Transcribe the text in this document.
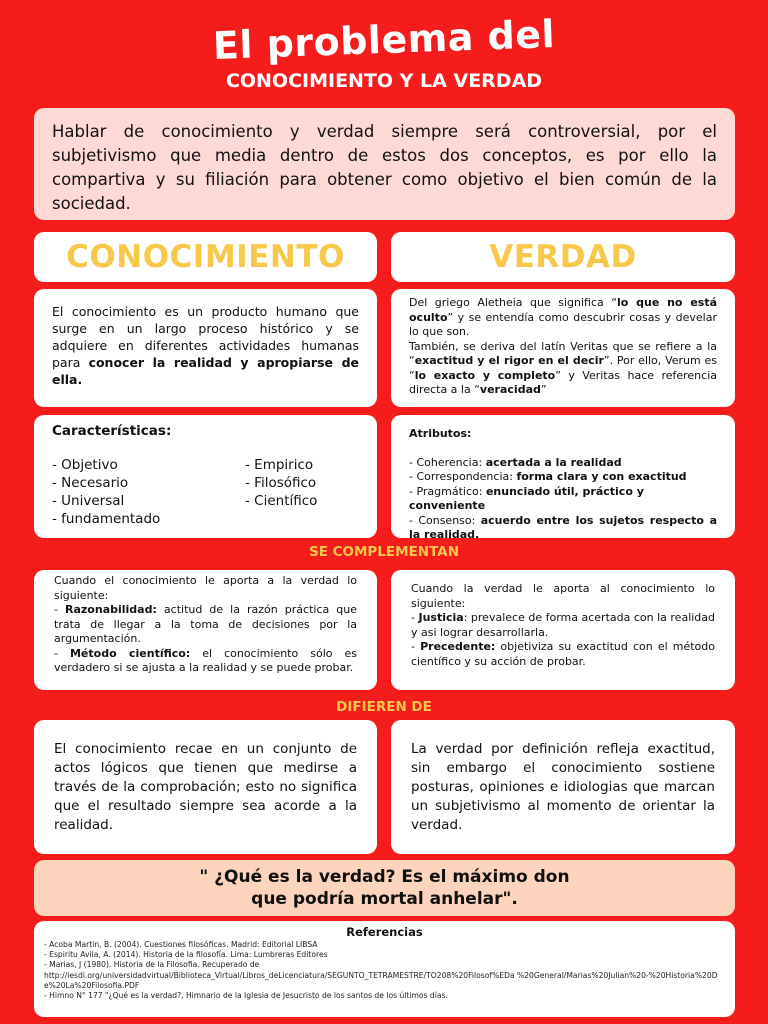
El problema del
CONOCIMIENTO Y LA VERDAD

Hablar de conocimiento y verdad siempre será controversial, por el subjetivismo que media dentro de estos dos conceptos, es por ello la compartiva y su filiación para obtener como objetivo el bien común de la sociedad.

CONOCIMIENTO	VERDAD

El conocimiento es un producto humano que surge en un largo proceso histórico y se adquiere en diferentes actividades humanas para conocer la realidad y apropiarse de ella.

Del griego Aletheia que significa “lo que no está oculto” y se entendía como descubrir cosas y develar lo que son.

También, se deriva del latín Veritas que se refiere a la “exactitud y el rigor en el decir”. Por ello, Verum es “lo exacto y completo” y Veritas hace referencia directa a la “veracidad”

Características:
- Objetivo
- Necesario
- Universal
- fundamentado
- Empirico
- Filosófico
- Científico
Atributos:
- Coherencia: acertada a la realidad
- Correspondencia: forma clara y con exactitud
- Pragmático: enunciado útil, práctico y conveniente
- Consenso: acuerdo entre los sujetos respecto a la realidad.
SE COMPLEMENTAN

Cuando el conocimiento le aporta a la verdad lo siguiente:

- Razonabilidad: actitud de la razón práctica que trata de llegar a la toma de decisiones por la argumentación.

- Método científico: el conocimiento sólo es verdadero si se ajusta a la realidad y se puede probar.

Cuando la verdad le aporta al conocimiento lo siguiente:

- Justicia: prevalece de forma acertada con la realidad y asi lograr desarrollarla.

- Precedente: objetiviza su exactitud con el método científico y su acción de probar.

DIFIEREN DE

El conocimiento recae en un conjunto de actos lógicos que tienen que medirse a través de la comprobación; esto no significa que el resultado siempre sea acorde a la realidad.

La verdad por definición refleja exactitud, sin embargo el conocimiento sostiene posturas, opiniones e idiologias que marcan un subjetivismo al momento de orientar la verdad.

" ¿Qué es la verdad? Es el máximo don
que podría mortal anhelar".
Referencias
- Acoba Martin, B. (2004). Cuestiones filosóficas. Madrid: Editorial LIBSA
- Espiritu Avila, A. (2014). Historia de la filosofía. Lima: Lumbreras Editores
- Marias, J (1980). Historia de la Filosofia. Recuperado de
http://iesdi.org/universidadvirtual/Biblioteca_Virtual/Libros_deLicenciatura/SEGUNTO_TETRAMESTRE/TO208%20Filosof%EDa %20General/Marias%20Julian%20-%20Historia%20De%20La%20Filosofia.PDF
- Himno N° 177 "¿Qué es la verdad?, Himnario de la Iglesia de Jesucristo de los santos de los últimos días.
